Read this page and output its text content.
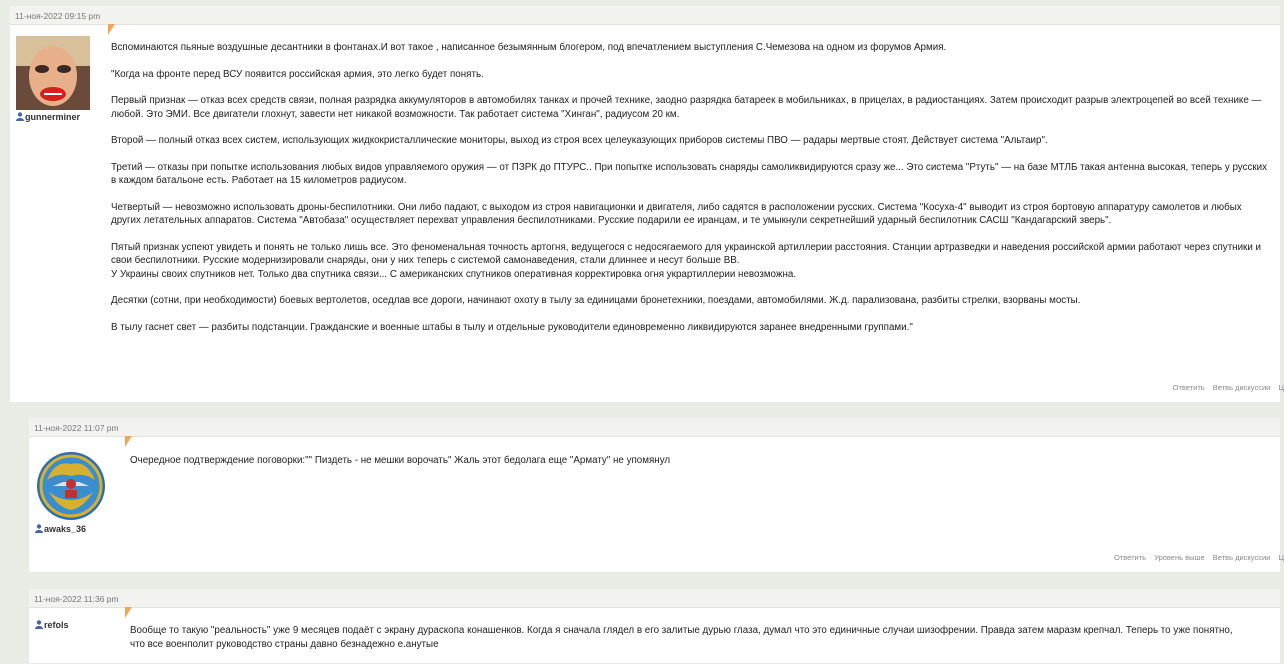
11-ноя-2022 09:15 pm
gunnerminer

Вспоминаются пьяные воздушные десантники в фонтанах.И вот такое , написанное безымянным блогером, под впечатлением выступления С.Чемезова на одном из форумов Армия.

"Когда на фронте перед ВСУ появится российская армия, это легко будет понять.

Первый признак — отказ всех средств связи, полная разрядка аккумуляторов в автомобилях танках и прочей технике, заодно разрядка батареек в мобильниках, в прицелах, в радиостанциях. Затем происходит разрыв электроцепей во всей технике — любой. Это ЭМИ. Все двигатели глохнут, завести нет никакой возможности. Так работает система "Хинган", радиусом 20 км.

Второй — полный отказ всех систем, использующих жидкокристаллические мониторы, выход из строя всех целеуказующих приборов системы ПВО — радары мертвые стоят. Действует система "Альтаир".

Третий — отказы при попытке использования любых видов управляемого оружия — от ПЗРК до ПТУРС.. При попытке использовать снаряды самоликвидируются сразу же... Это система "Ртуть" — на базе МТЛБ такая антенна высокая, теперь у русских в каждом батальоне есть. Работает на 15 километров радиусом.

Четвертый — невозможно использовать дроны-беспилотники. Они либо падают, с выходом из строя навигационки и двигателя, либо садятся в расположении русских. Система "Косуха-4" выводит из строя бортовую аппаратуру самолетов и любых других летательных аппаратов. Система "Автобаза" осуществляет перехват управления беспилотниками. Русские подарили ее иранцам, и те умыкнули секретнейший ударный беспилотник САСШ "Кандагарский зверь".

Пятый признак успеют увидеть и понять не только лишь все. Это феноменальная точность артогня, ведущегося с недосягаемого для украинской артиллерии расстояния. Станции артразведки и наведения российской армии работают через спутники и свои беспилотники. Русские модернизировали снаряды, они у них теперь с системой самонаведения, стали длиннее и несут больше ВВ.
У Украины своих спутников нет. Только два спутника связи... С американских спутников оперативная корректировка огня украртиллерии невозможна.

Десятки (сотни, при необходимости) боевых вертолетов, оседлав все дороги, начинают охоту в тылу за единицами бронетехники, поездами, автомобилями. Ж.д. парализована, разбиты стрелки, взорваны мосты.

В тылу гаснет свет — разбиты подстанции. Гражданские и военные штабы в тылу и отдельные руководители единовременно ликвидируются заранее внедренными группами."

Ответить Ветвь дискуссии Ц
11-ноя-2022 11:07 pm
awaks_36

Очередное подтверждение поговорки:"" Пиздеть - не мешки ворочать" Жаль этот бедолага еще "Армату" не упомянул

Ответить Уровень выше Ветвь дискуссии Ц
11-ноя-2022 11:36 pm
refols	Вообще то такую "реальность" уже 9 месяцев подаёт с экрану дураскопа конашенков. Когда я сначала глядел в его залитые дурью глаза, думал что это единичные случаи шизофрении. Правда затем маразм крепчал. Теперь то уже понятно, что все военполит руководство страны давно безнадежно е.анутые
